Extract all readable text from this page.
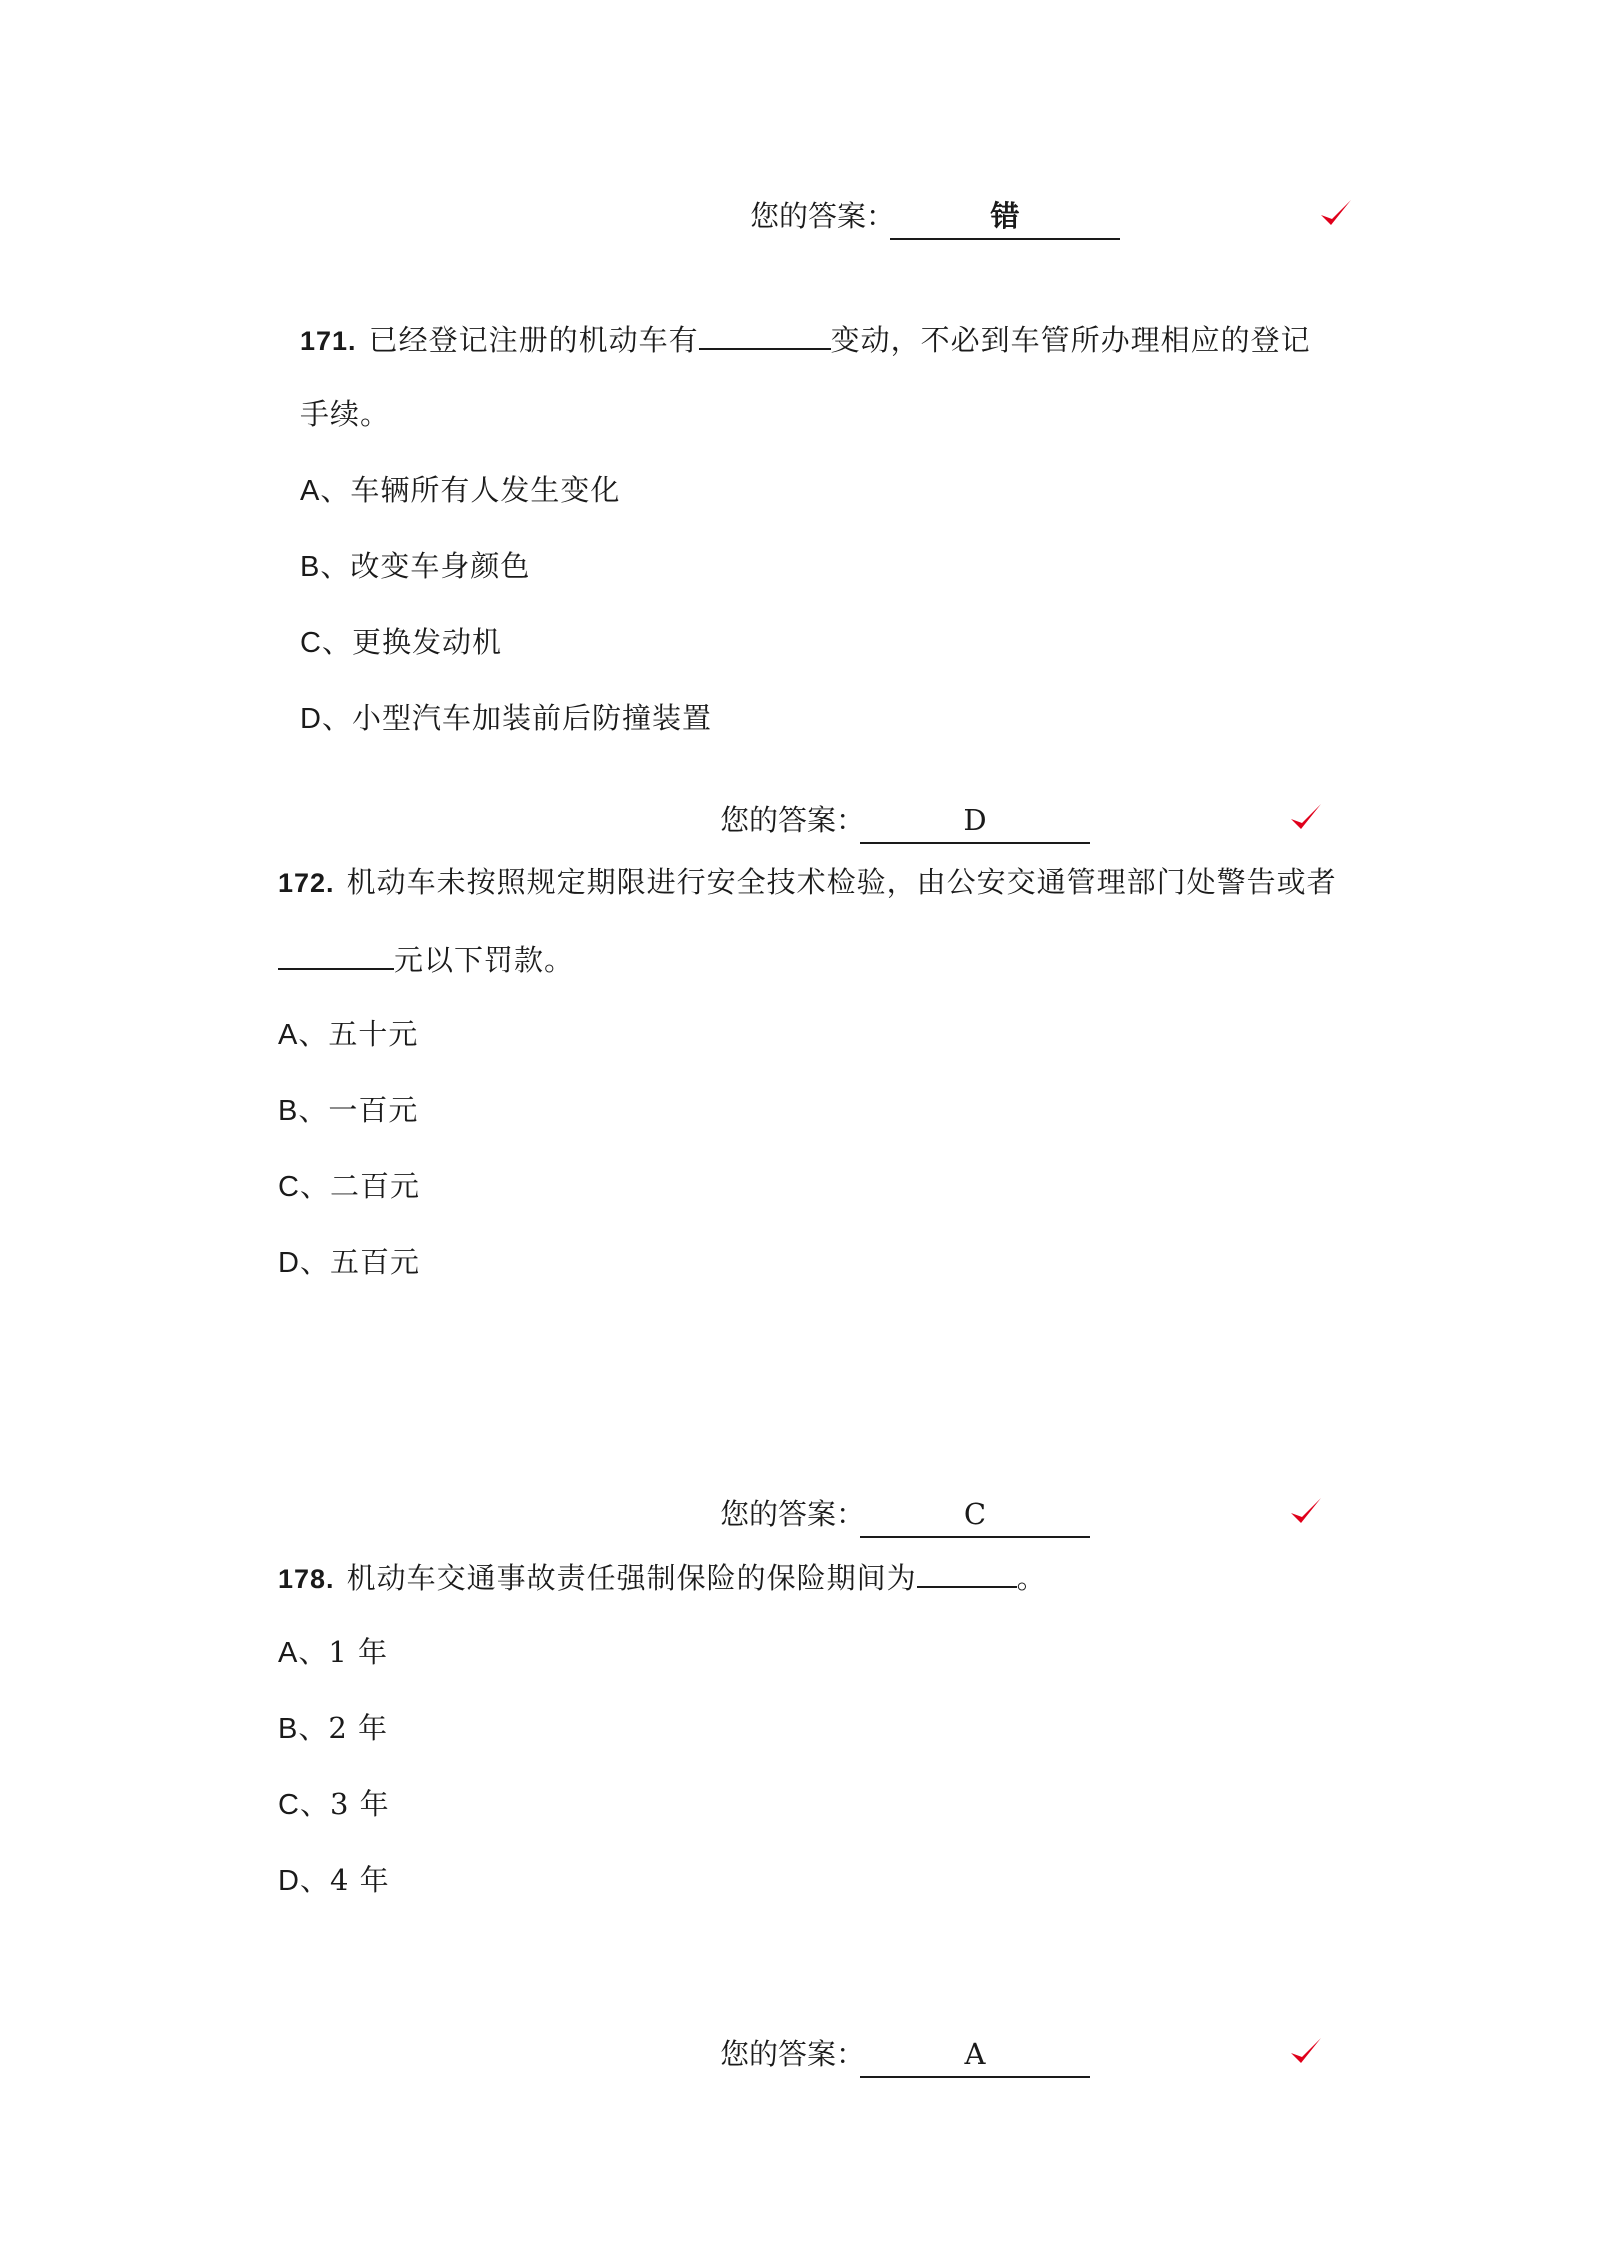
您的答案：	错
171. 已经登记注册的机动车有	变动，不必到车管所办理相应的登记
手续。
A、车辆所有人发生变化
B、改变车身颜色
C、更换发动机
D、小型汽车加装前后防撞装置
您的答案：	D
172. 机动车未按照规定期限进行安全技术检验，由公安交通管理部门处警告或者
元以下罚款。
A、五十元
B、一百元
C、二百元
D、五百元
您的答案：	C
178. 机动车交通事故责任强制保险的保险期间为	。
A、1 年
B、2 年
C、3 年
D、4 年
您的答案：	A
